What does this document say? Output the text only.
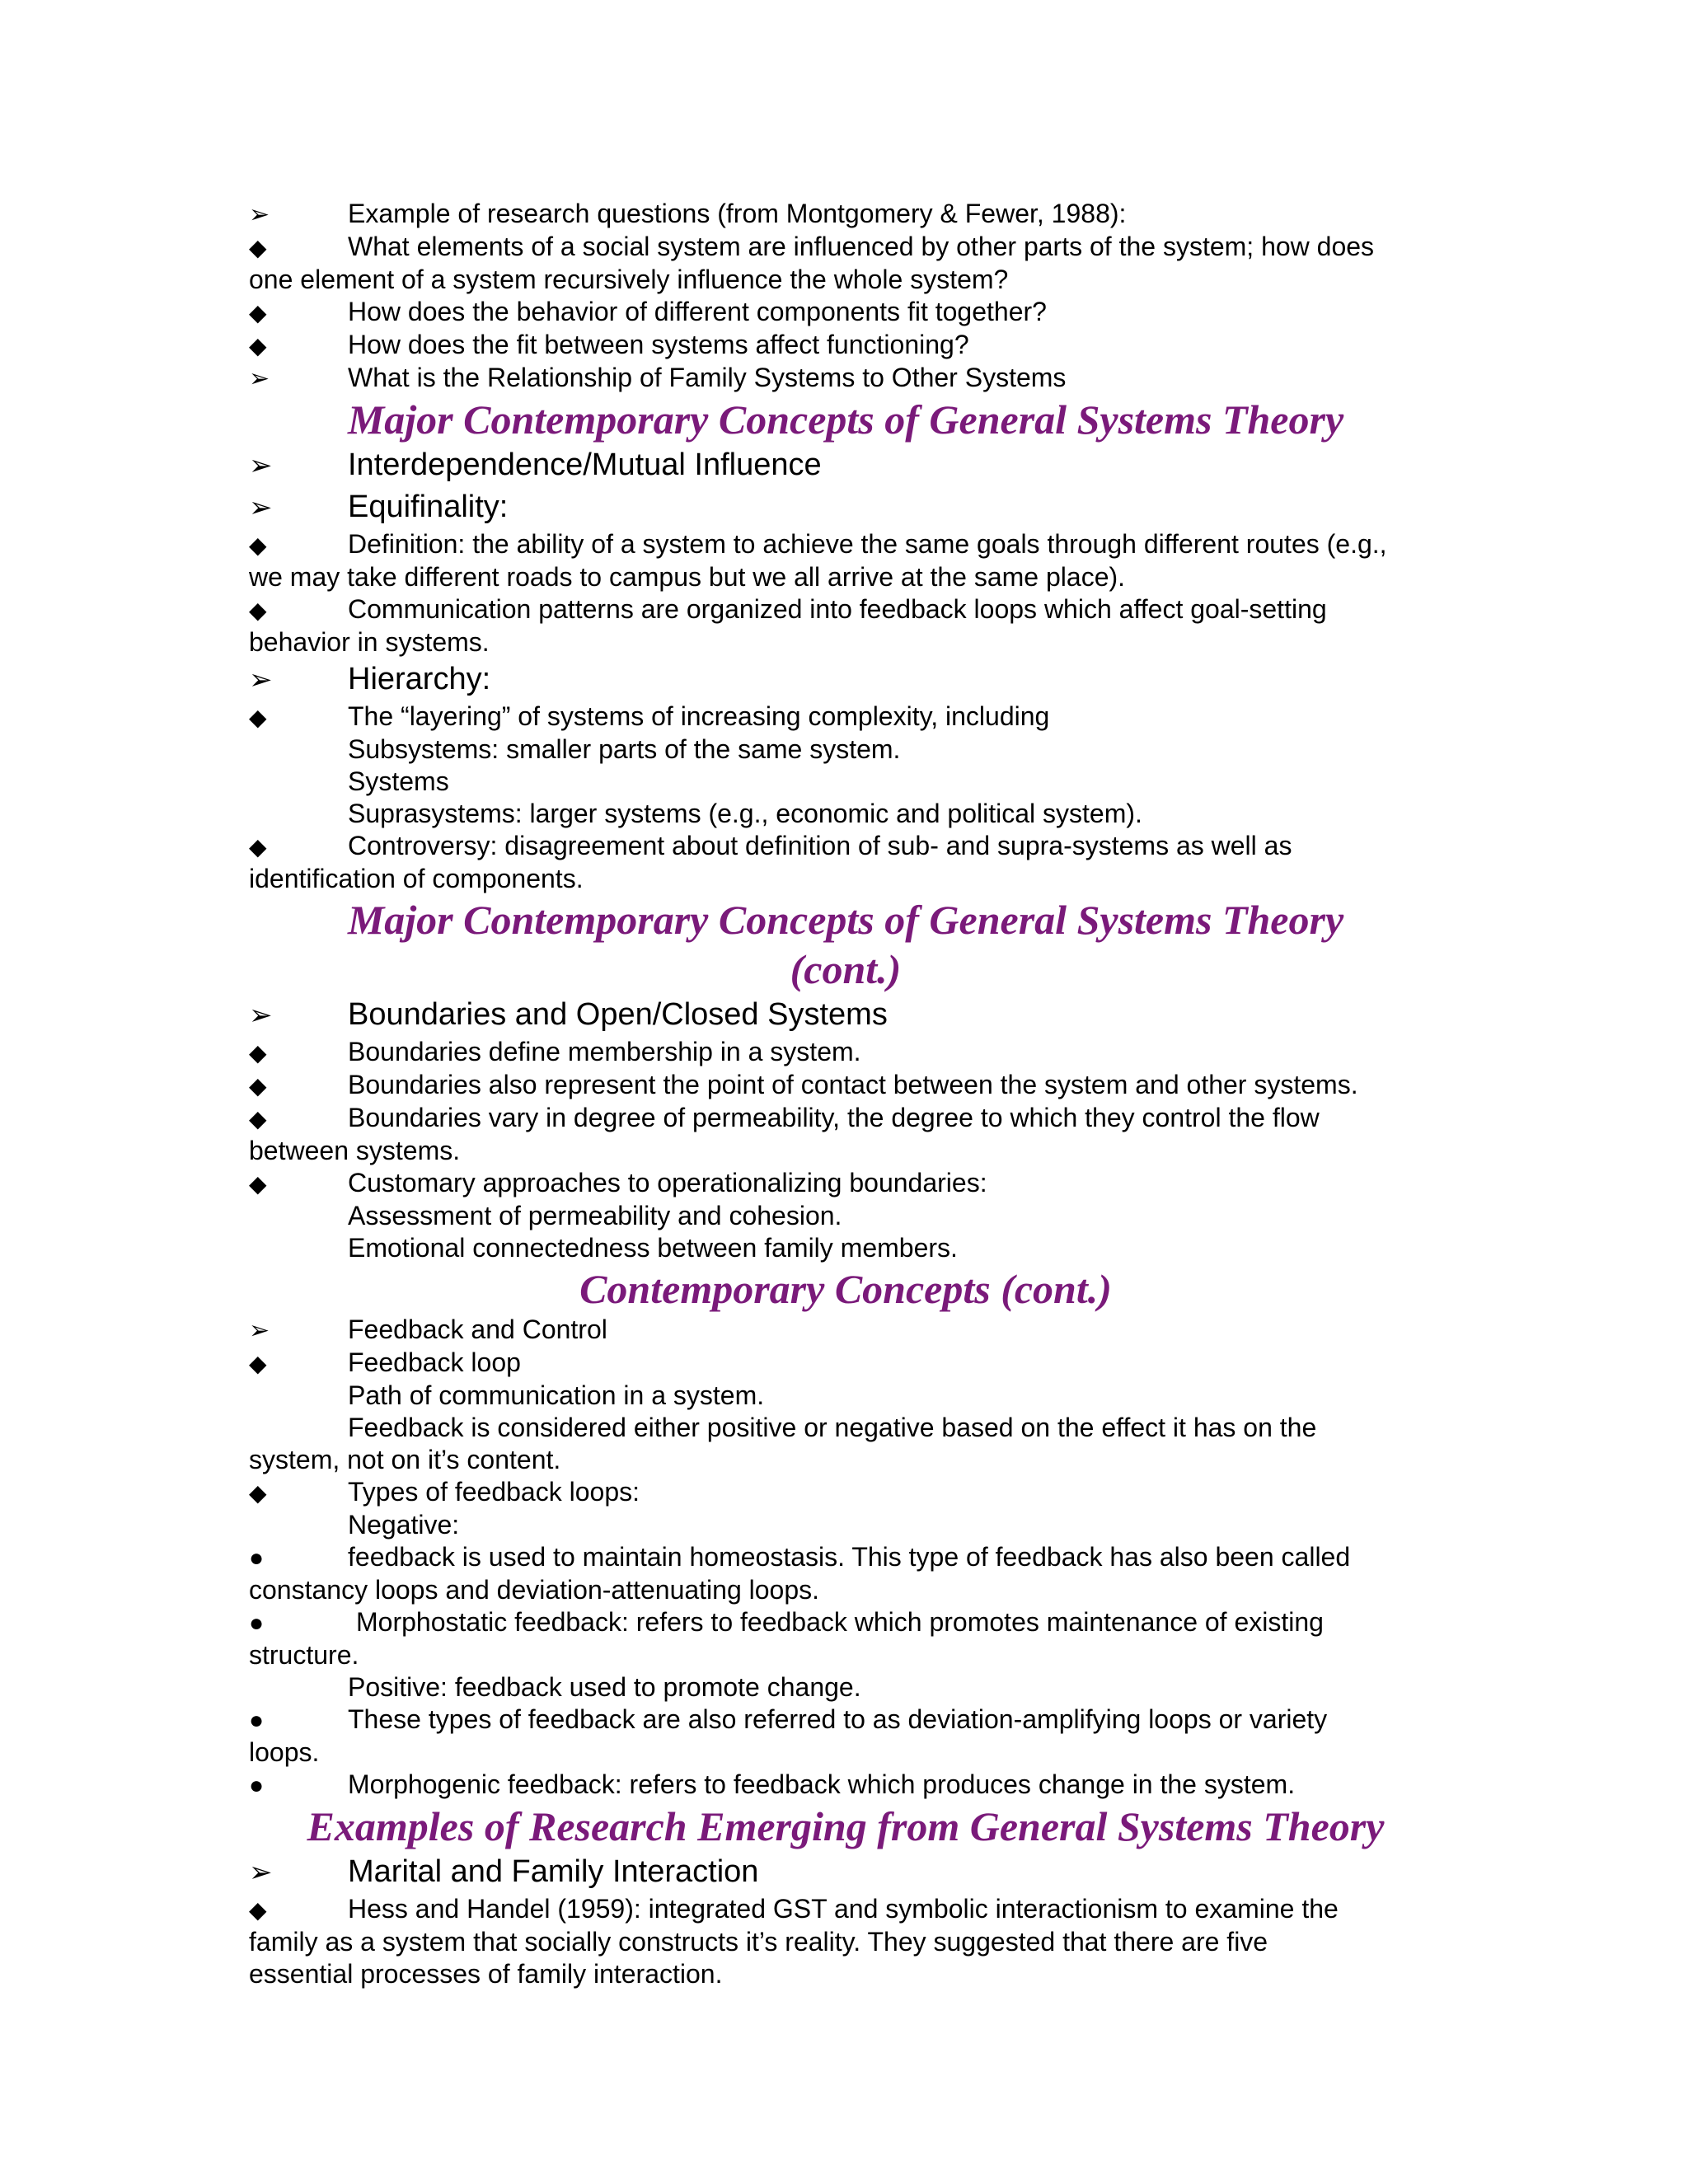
➢	Example of research questions (from Montgomery & Fewer, 1988):
◆	What elements of a social system are influenced by other parts of the system; how does
one element of a system recursively influence the whole system?
◆	How does the behavior of different components fit together?
◆	How does the fit between systems affect functioning?
➢	What is the Relationship of Family Systems to Other Systems
Major Contemporary Concepts of General Systems Theory
➢ Interdependence/Mutual Influence
➢ Equifinality:
◆	Definition: the ability of a system to achieve the same goals through different routes (e.g.,
we may take different roads to campus but we all arrive at the same place).
◆	Communication patterns are organized into feedback loops which affect goal-setting
behavior in systems.
➢ Hierarchy:
◆	The “layering” of systems of increasing complexity, including
Subsystems: smaller parts of the same system.
Systems
Suprasystems: larger systems (e.g., economic and political system).
◆	Controversy: disagreement about definition of sub- and supra-systems as well as
identification of components.
Major Contemporary Concepts of General Systems Theory
(cont.)
➢ Boundaries and Open/Closed Systems
◆	Boundaries define membership in a system.
◆	Boundaries also represent the point of contact between the system and other systems.
◆	Boundaries vary in degree of permeability, the degree to which they control the flow
between systems.
◆	Customary approaches to operationalizing boundaries:
Assessment of permeability and cohesion.
Emotional connectedness between family members.
Contemporary Concepts (cont.)
➢	Feedback and Control
◆	Feedback loop
Path of communication in a system.
Feedback is considered either positive or negative based on the effect it has on the
system, not on it’s content.
◆	Types of feedback loops:
Negative:
●	feedback is used to maintain homeostasis. This type of feedback has also been called
constancy loops and deviation-attenuating loops.
●	Morphostatic feedback: refers to feedback which promotes maintenance of existing
structure.
Positive: feedback used to promote change.
●	These types of feedback are also referred to as deviation-amplifying loops or variety
loops.
●	Morphogenic feedback: refers to feedback which produces change in the system.
Examples of Research Emerging from General Systems Theory
➢ Marital and Family Interaction
◆	Hess and Handel (1959): integrated GST and symbolic interactionism to examine the
family as a system that socially constructs it’s reality. They suggested that there are five
essential processes of family interaction.
